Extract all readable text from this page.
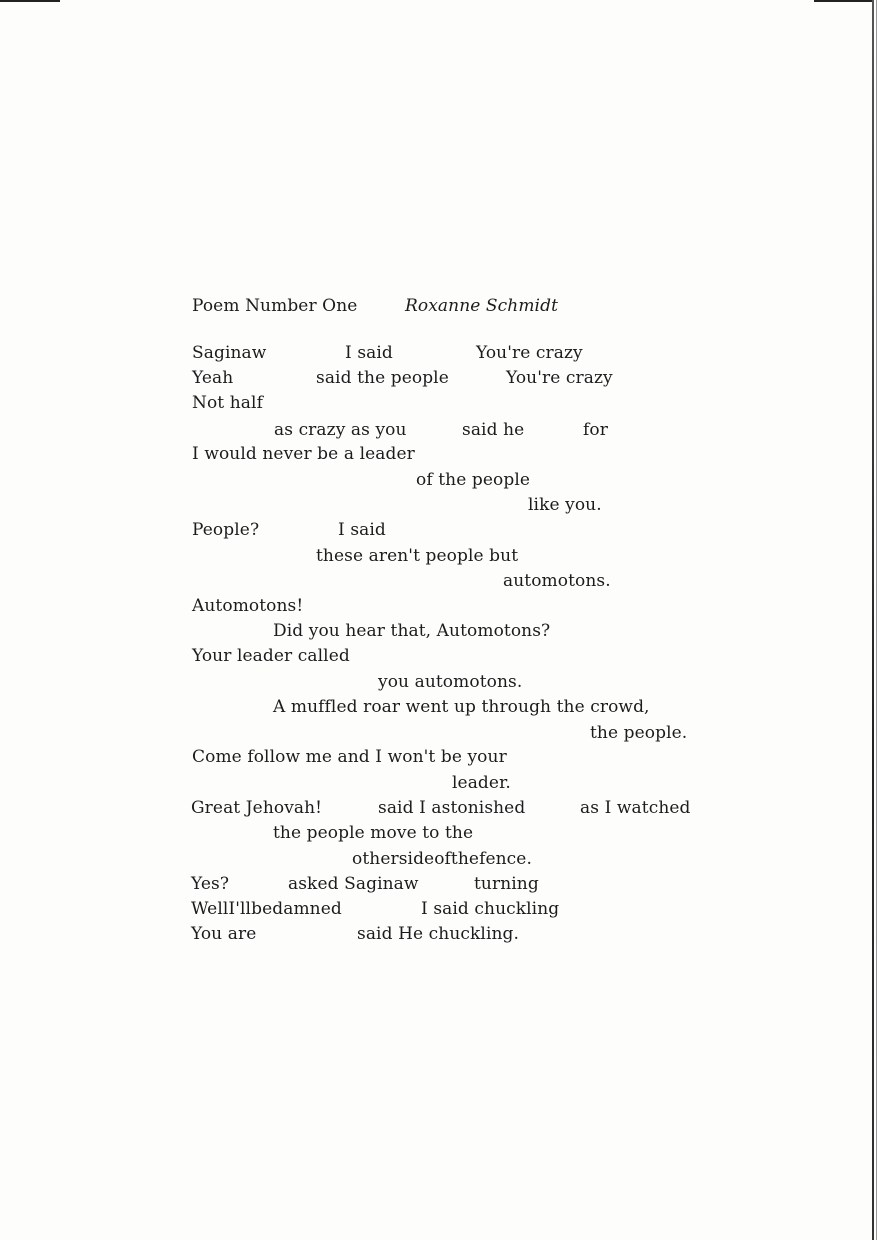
Poem Number One	Roxanne Schmidt
Saginaw	I said	You're crazy
Yeah	said the people	You're crazy
Not half
as crazy as you	said he	for
I would never be a leader
of the people
like you.
People?	I said
these aren't people but
automotons.
Automotons!
Did you hear that, Automotons?
Your leader called
you automotons.
A muffled roar went up through the crowd,
the people.
Come follow me and I won't be your
leader.
Great Jehovah!	said I astonished	as I watched
the people move to the
othersideofthefence.
Yes?	asked Saginaw	turning
WellI'llbedamned	I said chuckling
You are	said He chuckling.
